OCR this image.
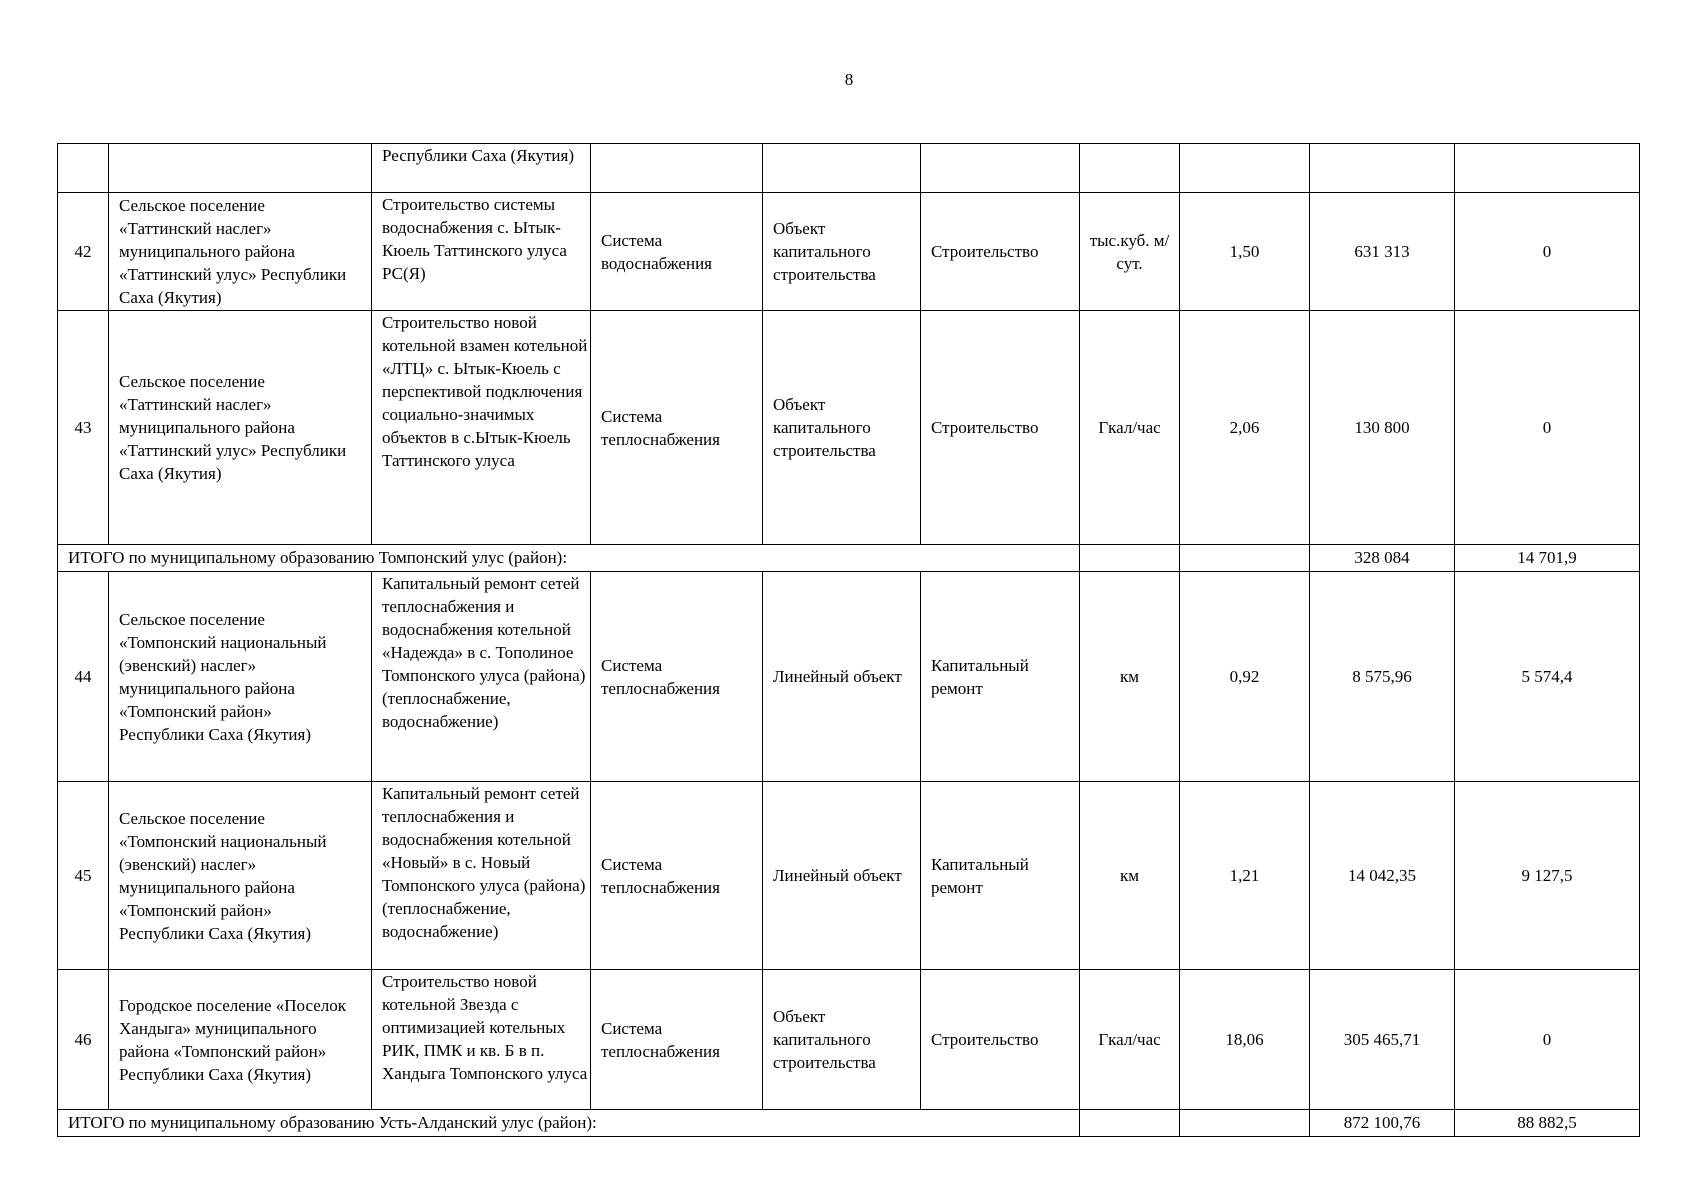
8
		Республики Саха (Якутия)							
42	Сельское поселение «Таттинский наслег» муниципального района «Таттинский улус» Республики Саха (Якутия)	Строительство системы водоснабжения с. Ытык-Кюель Таттинского улуса РС(Я)	Система водоснабжения	Объект капитального строительства	Строительство	тыс.куб. м/сут.	1,50	631 313	0
43	Сельское поселение «Таттинский наслег» муниципального района «Таттинский улус» Республики Саха (Якутия)	Строительство новой котельной взамен котельной «ЛТЦ» с. Ытык-Кюель с перспективой подключения социально-значимых объектов в с.Ытык-Кюель Таттинского улуса	Система теплоснабжения	Объект капитального строительства	Строительство	Гкал/час	2,06	130 800	0
ИТОГО по муниципальному образованию Томпонский улус (район):								328 084	14 701,9
44	Сельское поселение «Томпонский национальный (эвенский) наслег» муниципального района «Томпонский район» Республики Саха (Якутия)	Капитальный ремонт сетей теплоснабжения и водоснабжения котельной «Надежда» в с. Тополиное Томпонского улуса (района) (теплоснабжение, водоснабжение)	Система теплоснабжения	Линейный объект	Капитальный ремонт	км	0,92	8 575,96	5 574,4
45	Сельское поселение «Томпонский национальный (эвенский) наслег» муниципального района «Томпонский район» Республики Саха (Якутия)	Капитальный ремонт сетей теплоснабжения и водоснабжения котельной «Новый» в с. Новый Томпонского улуса (района) (теплоснабжение, водоснабжение)	Система теплоснабжения	Линейный объект	Капитальный ремонт	км	1,21	14 042,35	9 127,5
46	Городское поселение «Поселок Хандыга» муниципального района «Томпонский район» Республики Саха (Якутия)	Строительство новой котельной Звезда с оптимизацией котельных РИК, ПМК и кв. Б в п. Хандыга Томпонского улуса	Система теплоснабжения	Объект капитального строительства	Строительство	Гкал/час	18,06	305 465,71	0
ИТОГО по муниципальному образованию Усть-Алданский улус (район):								872 100,76	88 882,5
